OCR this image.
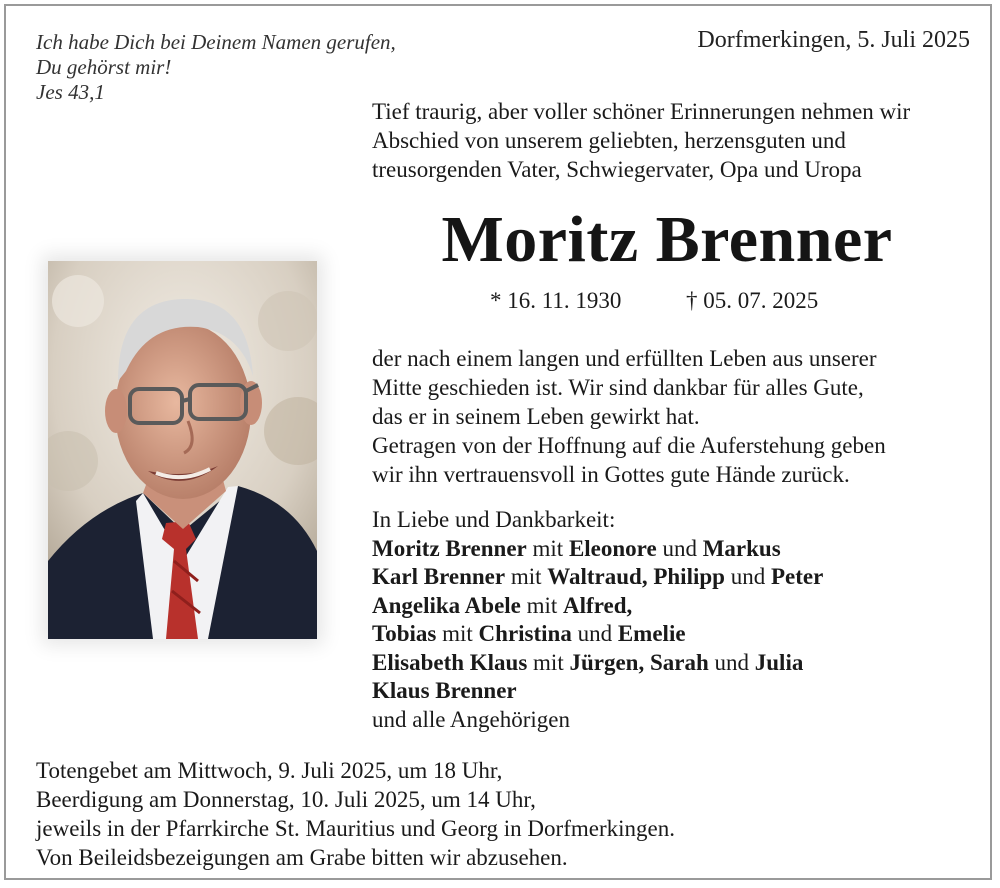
Ich habe Dich bei Deinem Namen gerufen,
Du gehörst mir!
Jes 43,1
Dorfmerkingen, 5. Juli 2025
Tief traurig, aber voller schöner Erinnerungen nehmen wir
Abschied von unserem geliebten, herzensguten und
treusorgenden Vater, Schwiegervater, Opa und Uropa
Moritz Brenner
* 16. 11. 1930	† 05. 07. 2025
der nach einem langen und erfüllten Leben aus unserer
Mitte geschieden ist. Wir sind dankbar für alles Gute,
das er in seinem Leben gewirkt hat.
Getragen von der Hoffnung auf die Auferstehung geben
wir ihn vertrauensvoll in Gottes gute Hände zurück.
In Liebe und Dankbarkeit:
Moritz Brenner mit Eleonore und Markus
Karl Brenner mit Waltraud, Philipp und Peter
Angelika Abele mit Alfred,
Tobias mit Christina und Emelie
Elisabeth Klaus mit Jürgen, Sarah und Julia
Klaus Brenner
und alle Angehörigen
Totengebet am Mittwoch, 9. Juli 2025, um 18 Uhr,
Beerdigung am Donnerstag, 10. Juli 2025, um 14 Uhr,
jeweils in der Pfarrkirche St. Mauritius und Georg in Dorfmerkingen.
Von Beileidsbezeigungen am Grabe bitten wir abzusehen.
